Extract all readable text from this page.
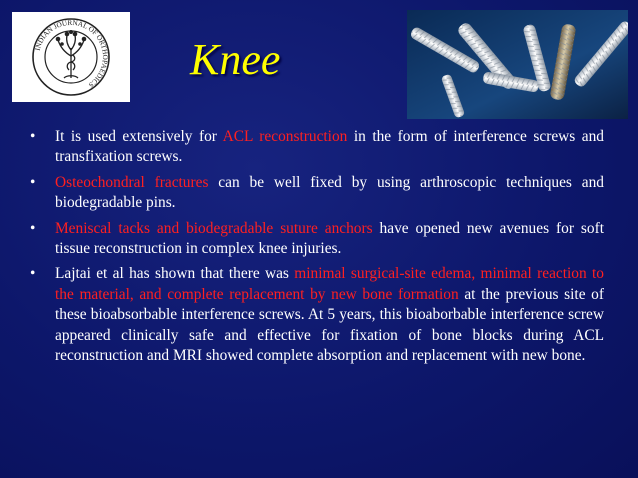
INDIAN JOURNAL OF ORTHOPAEDICS
Knee
• It is used extensively for ACL reconstruction in the form of interference screws and transfixation screws.
• Osteochondral fractures can be well fixed by using arthroscopic techniques and biodegradable pins.
• Meniscal tacks and biodegradable suture anchors have opened new avenues for soft tissue reconstruction in complex knee injuries.
• Lajtai et al has shown that there was minimal surgical-site edema, minimal reaction to the material, and complete replacement by new bone formation at the previous site of these bioabsorbable interference screws. At 5 years, this bioaborbable interference screw appeared clinically safe and effective for fixation of bone blocks during ACL reconstruction and MRI showed complete absorption and replacement with new bone.
